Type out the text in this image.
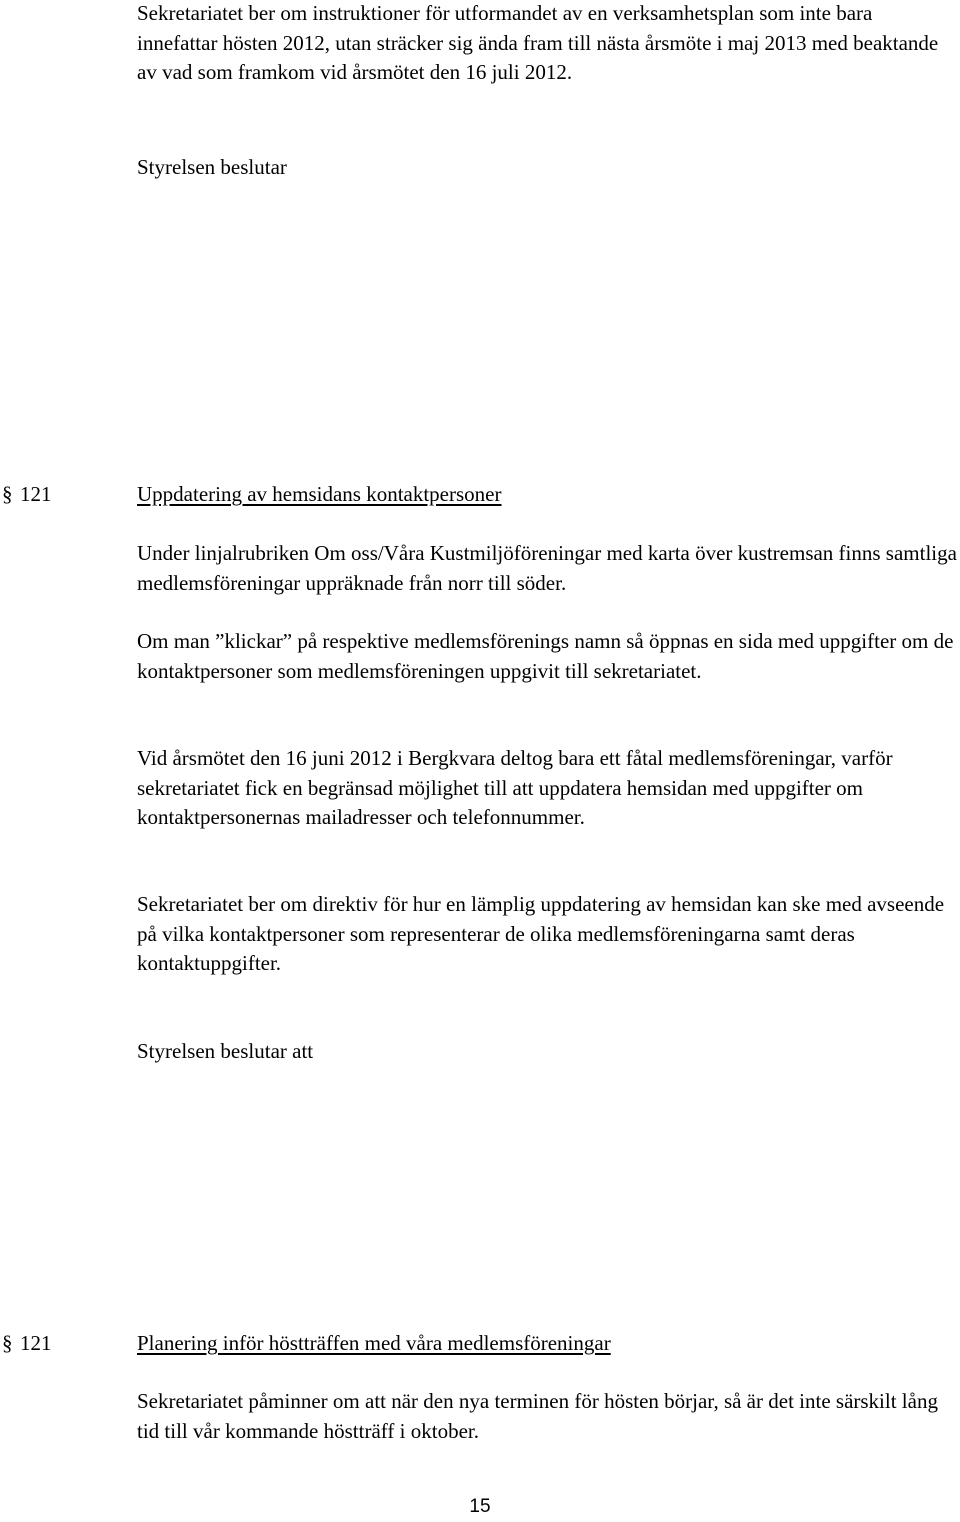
Sekretariatet ber om instruktioner för utformandet av en verksamhetsplan som inte bara innefattar hösten 2012, utan sträcker sig ända fram till nästa årsmöte i maj 2013 med beaktande av vad som framkom vid årsmötet den 16 juli 2012.

Styrelsen beslutar

§ 121	Uppdatering av hemsidans kontaktpersoner

Under linjalrubriken Om oss/Våra Kustmiljöföreningar med karta över kustremsan finns samtliga medlemsföreningar uppräknade från norr till söder.

Om man ”klickar” på respektive medlemsförenings namn så öppnas en sida med uppgifter om de kontaktpersoner som medlemsföreningen uppgivit till sekretariatet.

Vid årsmötet den 16 juni 2012 i Bergkvara deltog bara ett fåtal medlemsföreningar, varför sekretariatet fick en begränsad möjlighet till att uppdatera hemsidan med uppgifter om kontaktpersonernas mailadresser och telefonnummer.

Sekretariatet ber om direktiv för hur en lämplig uppdatering av hemsidan kan ske med avseende på vilka kontaktpersoner som representerar de olika medlemsföreningarna samt deras kontaktuppgifter.

Styrelsen beslutar att

§ 121	Planering inför höstträffen med våra medlemsföreningar

Sekretariatet påminner om att när den nya terminen för hösten börjar, så är det inte särskilt lång tid till vår kommande höstträff i oktober.

15
